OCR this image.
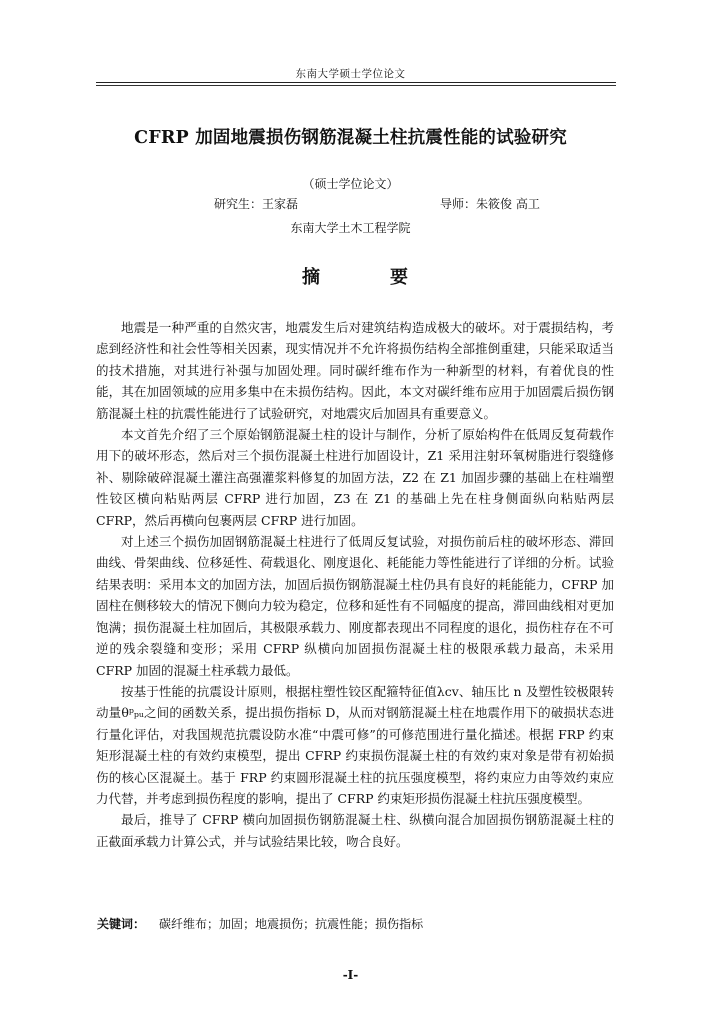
东南大学硕士学位论文
CFRP 加固地震损伤钢筋混凝土柱抗震性能的试验研究
（硕士学位论文）
研究生：王家磊	导师：朱筱俊 高工
东南大学土木工程学院
摘	要

地震是一种严重的自然灾害，地震发生后对建筑结构造成极大的破坏。对于震损结构，考虑到经济性和社会性等相关因素，现实情况并不允许将损伤结构全部推倒重建，只能采取适当的技术措施，对其进行补强与加固处理。同时碳纤维布作为一种新型的材料，有着优良的性能，其在加固领域的应用多集中在未损伤结构。因此，本文对碳纤维布应用于加固震后损伤钢筋混凝土柱的抗震性能进行了试验研究，对地震灾后加固具有重要意义。

本文首先介绍了三个原始钢筋混凝土柱的设计与制作，分析了原始构件在低周反复荷载作用下的破坏形态，然后对三个损伤混凝土柱进行加固设计，Z1 采用注射环氧树脂进行裂缝修补、剔除破碎混凝土灌注高强灌浆料修复的加固方法，Z2 在 Z1 加固步骤的基础上在柱端塑性铰区横向粘贴两层 CFRP 进行加固，Z3 在 Z1 的基础上先在柱身侧面纵向粘贴两层 CFRP，然后再横向包裹两层 CFRP 进行加固。

对上述三个损伤加固钢筋混凝土柱进行了低周反复试验，对损伤前后柱的破坏形态、滞回曲线、骨架曲线、位移延性、荷载退化、刚度退化、耗能能力等性能进行了详细的分析。试验结果表明：采用本文的加固方法，加固后损伤钢筋混凝土柱仍具有良好的耗能能力，CFRP 加固柱在侧移较大的情况下侧向力较为稳定，位移和延性有不同幅度的提高，滞回曲线相对更加饱满；损伤混凝土柱加固后，其极限承载力、刚度都表现出不同程度的退化，损伤柱存在不可逆的残余裂缝和变形；采用 CFRP 纵横向加固损伤混凝土柱的极限承载力最高，未采用 CFRP 加固的混凝土柱承载力最低。

按基于性能的抗震设计原则，根据柱塑性铰区配箍特征值λcv、轴压比 n 及塑性铰极限转动量θᵖₚᵤ之间的函数关系，提出损伤指标 D，从而对钢筋混凝土柱在地震作用下的破损状态进行量化评估，对我国规范抗震设防水准“中震可修”的可修范围进行量化描述。根据 FRP 约束矩形混凝土柱的有效约束模型，提出 CFRP 约束损伤混凝土柱的有效约束对象是带有初始损伤的核心区混凝土。基于 FRP 约束圆形混凝土柱的抗压强度模型，将约束应力由等效约束应力代替，并考虑到损伤程度的影响，提出了 CFRP 约束矩形损伤混凝土柱抗压强度模型。

最后，推导了 CFRP 横向加固损伤钢筋混凝土柱、纵横向混合加固损伤钢筋混凝土柱的正截面承载力计算公式，并与试验结果比较，吻合良好。

关键词： 碳纤维布 ； 加固 ； 地震损伤 ； 抗震性能 ； 损伤指标
-I-
